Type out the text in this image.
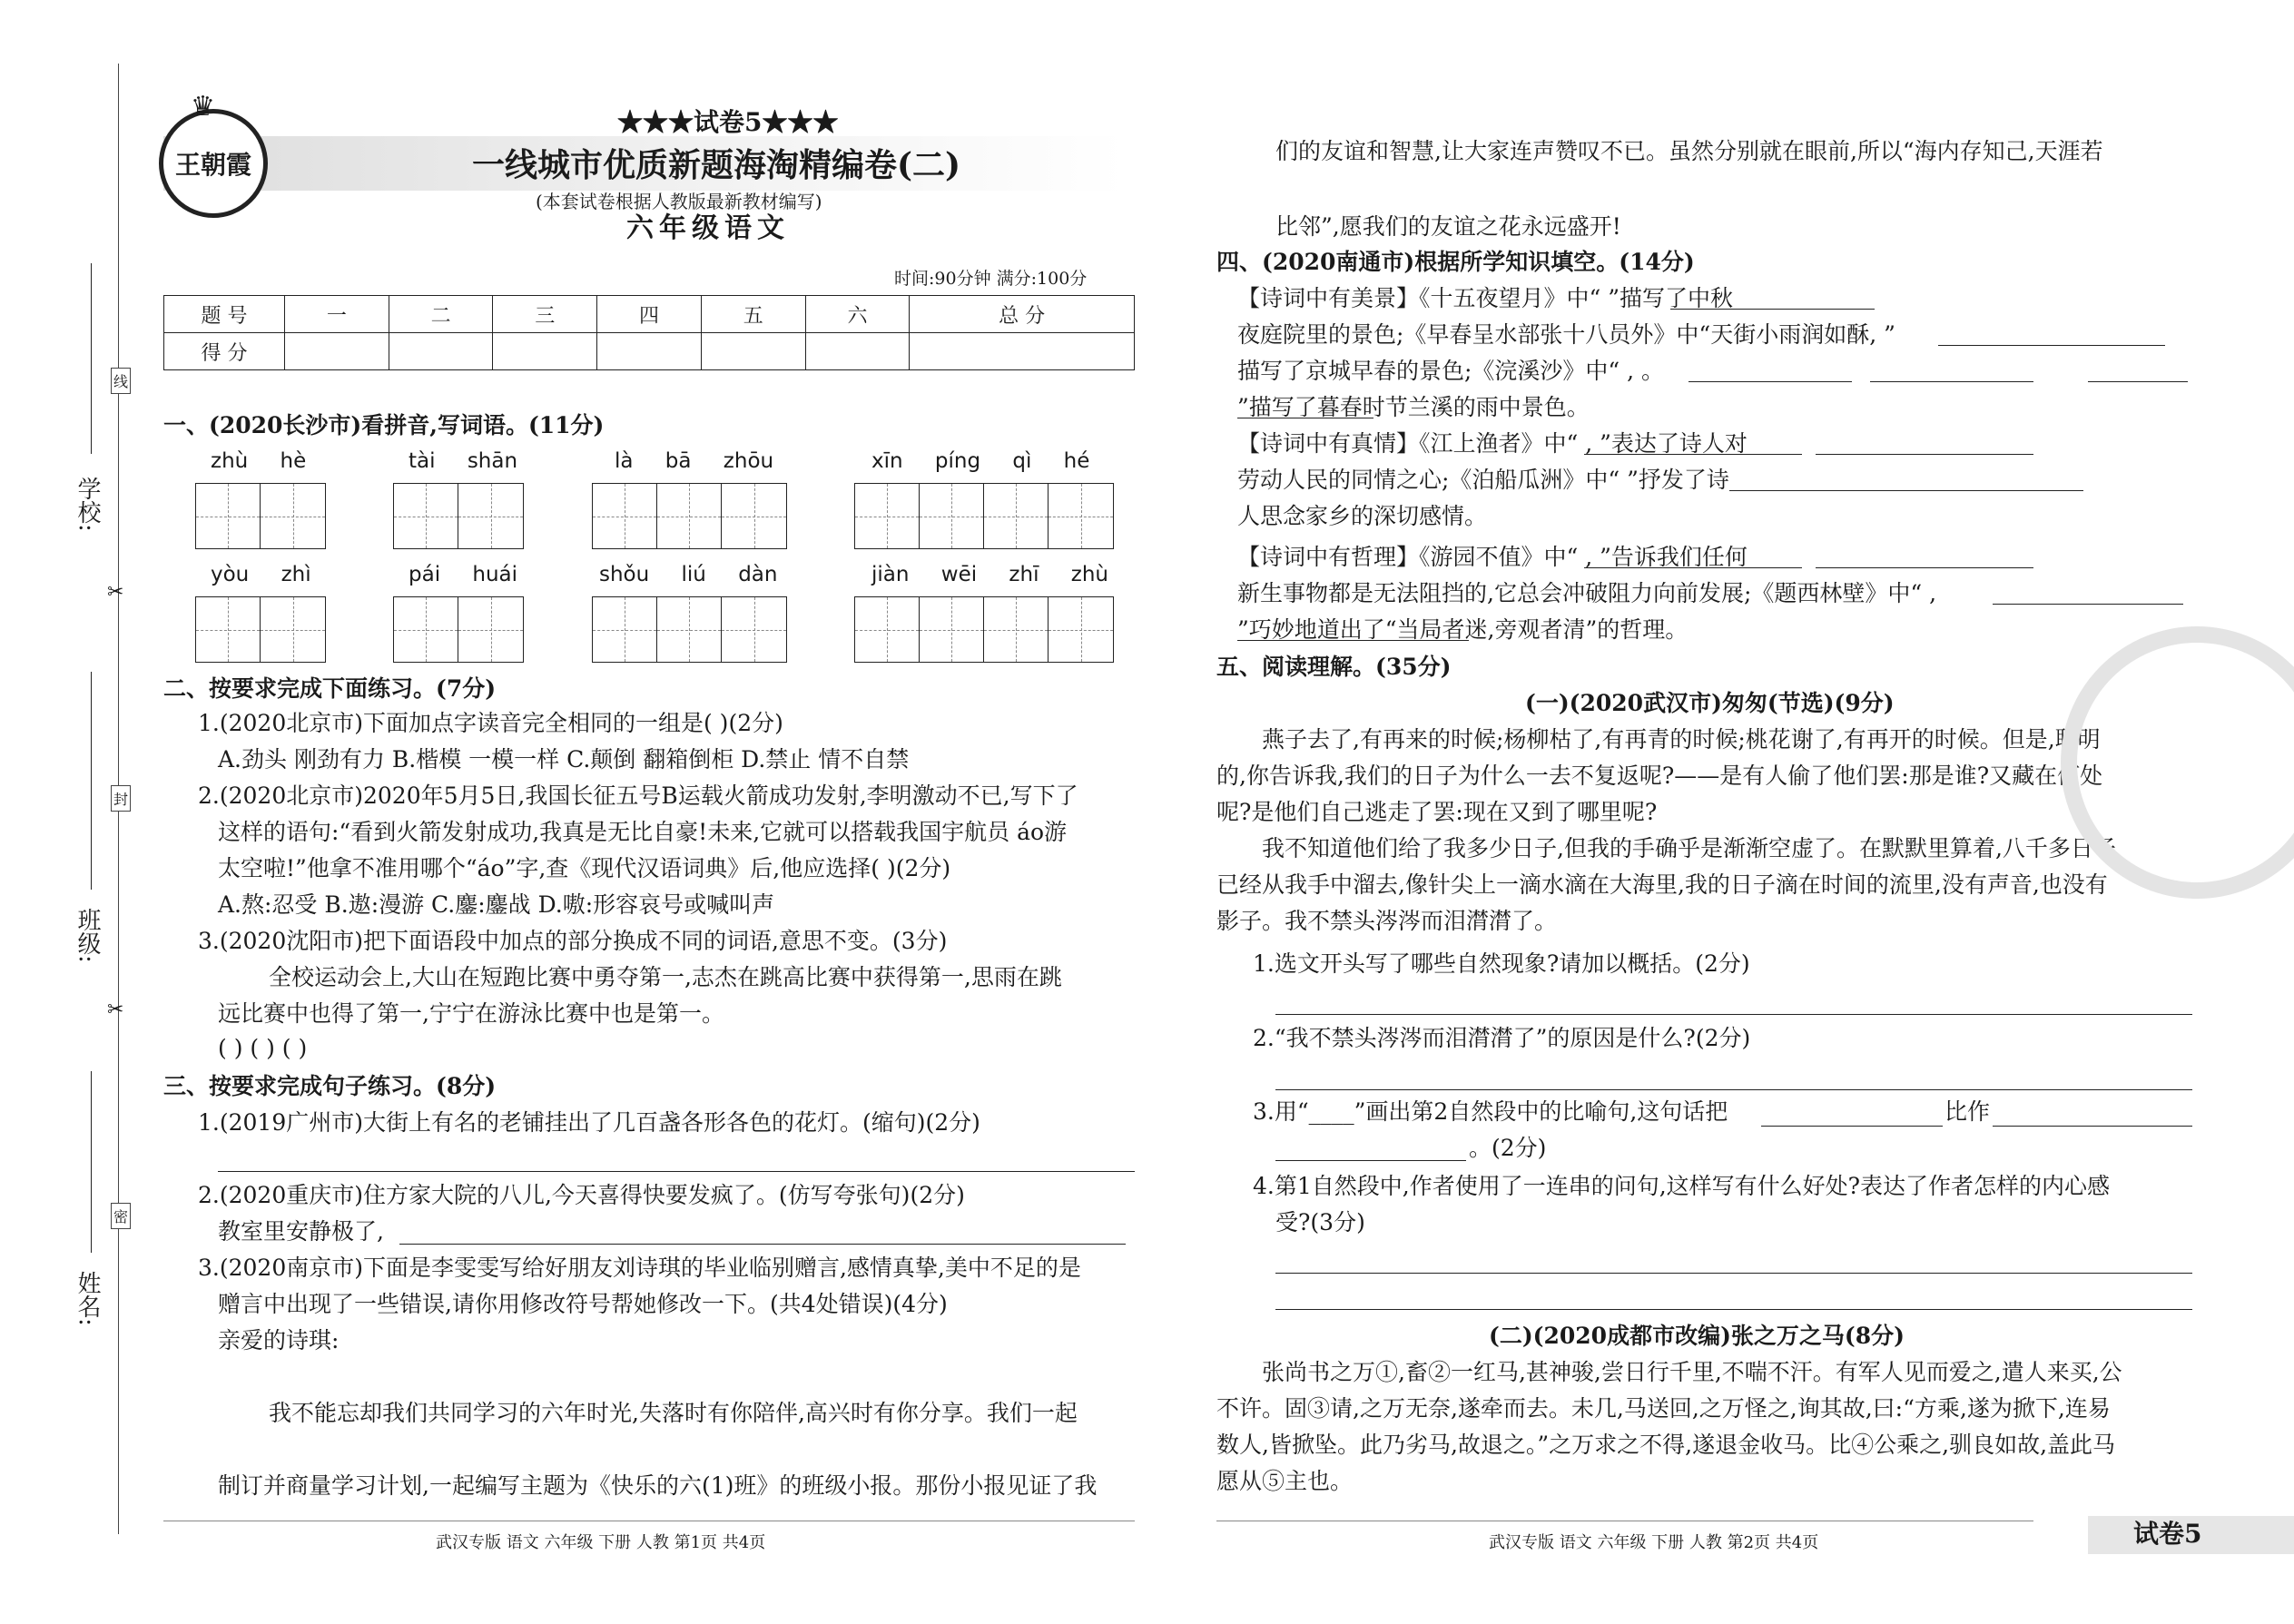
学校:
班级:
姓名:
线
封
密
✂
✂
王朝霞
♛	★★★试卷5★★★
一线城市优质新题海淘精编卷(二)
(本套试卷根据人教版最新教材编写)
六年级语文
时间:90分钟 满分:100分
题 号	一	二	三	四	五	六	总 分
得 分							
一、(2020长沙市)看拼音,写词语。(11分)
zhù hè	tài shān	là bā zhōu	xīn píng qì hé
yòu zhì	pái huái	shǒu liú dàn	jiàn wēi zhī zhù
二、按要求完成下面练习。(7分)
1.(2020北京市)下面加点字读音完全相同的一组是( )(2分)
A.劲头 刚劲有力 B.楷模 一模一样 C.颠倒 翻箱倒柜 D.禁止 情不自禁
2.(2020北京市)2020年5月5日,我国长征五号B运载火箭成功发射,李明激动不已,写下了
这样的语句:“看到火箭发射成功,我真是无比自豪!未来,它就可以搭载我国宇航员 áo游
太空啦!”他拿不准用哪个“áo”字,查《现代汉语词典》后,他应选择( )(2分)
A.熬:忍受 B.遨:漫游 C.鏖:鏖战 D.嗷:形容哀号或喊叫声
3.(2020沈阳市)把下面语段中加点的部分换成不同的词语,意思不变。(3分)
全校运动会上,大山在短跑比赛中勇夺第一,志杰在跳高比赛中获得第一,思雨在跳
远比赛中也得了第一,宁宁在游泳比赛中也是第一。
( ) ( ) ( )
三、按要求完成句子练习。(8分)
1.(2019广州市)大街上有名的老铺挂出了几百盏各形各色的花灯。(缩句)(2分)
2.(2020重庆市)住方家大院的八儿,今天喜得快要发疯了。(仿写夸张句)(2分)
教室里安静极了,
3.(2020南京市)下面是李雯雯写给好朋友刘诗琪的毕业临别赠言,感情真挚,美中不足的是
赠言中出现了一些错误,请你用修改符号帮她修改一下。(共4处错误)(4分)
亲爱的诗琪:
我不能忘却我们共同学习的六年时光,失落时有你陪伴,高兴时有你分享。我们一起
制订并商量学习计划,一起编写主题为《快乐的六(1)班》的班级小报。那份小报见证了我
武汉专版 语文 六年级 下册 人教 第1页 共4页
们的友谊和智慧,让大家连声赞叹不已。虽然分别就在眼前,所以“海内存知己,天涯若
比邻”,愿我们的友谊之花永远盛开!
四、(2020南通市)根据所学知识填空。(14分)
【诗词中有美景】《十五夜望月》中“ ”描写了中秋
夜庭院里的景色;《早春呈水部张十八员外》中“天街小雨润如酥, ”
描写了京城早春的景色;《浣溪沙》中“ , 。
”描写了暮春时节兰溪的雨中景色。
【诗词中有真情】《江上渔者》中“ , ”表达了诗人对
劳动人民的同情之心;《泊船瓜洲》中“ ”抒发了诗
人思念家乡的深切感情。
【诗词中有哲理】《游园不值》中“ , ”告诉我们任何
新生事物都是无法阻挡的,它总会冲破阻力向前发展;《题西林壁》中“ ,
”巧妙地道出了“当局者迷,旁观者清”的哲理。
五、阅读理解。(35分)
(一)(2020武汉市)匆匆(节选)(9分)
燕子去了,有再来的时候;杨柳枯了,有再青的时候;桃花谢了,有再开的时候。但是,聪明
的,你告诉我,我们的日子为什么一去不复返呢?——是有人偷了他们罢:那是谁?又藏在何处
呢?是他们自己逃走了罢:现在又到了哪里呢?
我不知道他们给了我多少日子,但我的手确乎是渐渐空虚了。在默默里算着,八千多日子
已经从我手中溜去,像针尖上一滴水滴在大海里,我的日子滴在时间的流里,没有声音,也没有
影子。我不禁头涔涔而泪潸潸了。
1.选文开头写了哪些自然现象?请加以概括。(2分)
2.“我不禁头涔涔而泪潸潸了”的原因是什么?(2分)
3.用“____”画出第2自然段中的比喻句,这句话把	比作
。(2分)
4.第1自然段中,作者使用了一连串的问句,这样写有什么好处?表达了作者怎样的内心感
受?(3分)
(二)(2020成都市改编)张之万之马(8分)
张尚书之万①,畜②一红马,甚神骏,尝日行千里,不喘不汗。有军人见而爱之,遣人来买,公
不许。固③请,之万无奈,遂牵而去。未几,马送回,之万怪之,询其故,曰:“方乘,遂为掀下,连易
数人,皆掀坠。此乃劣马,故退之。”之万求之不得,遂退金收马。比④公乘之,驯良如故,盖此马
愿从⑤主也。
武汉专版 语文 六年级 下册 人教 第2页 共4页	试卷5
